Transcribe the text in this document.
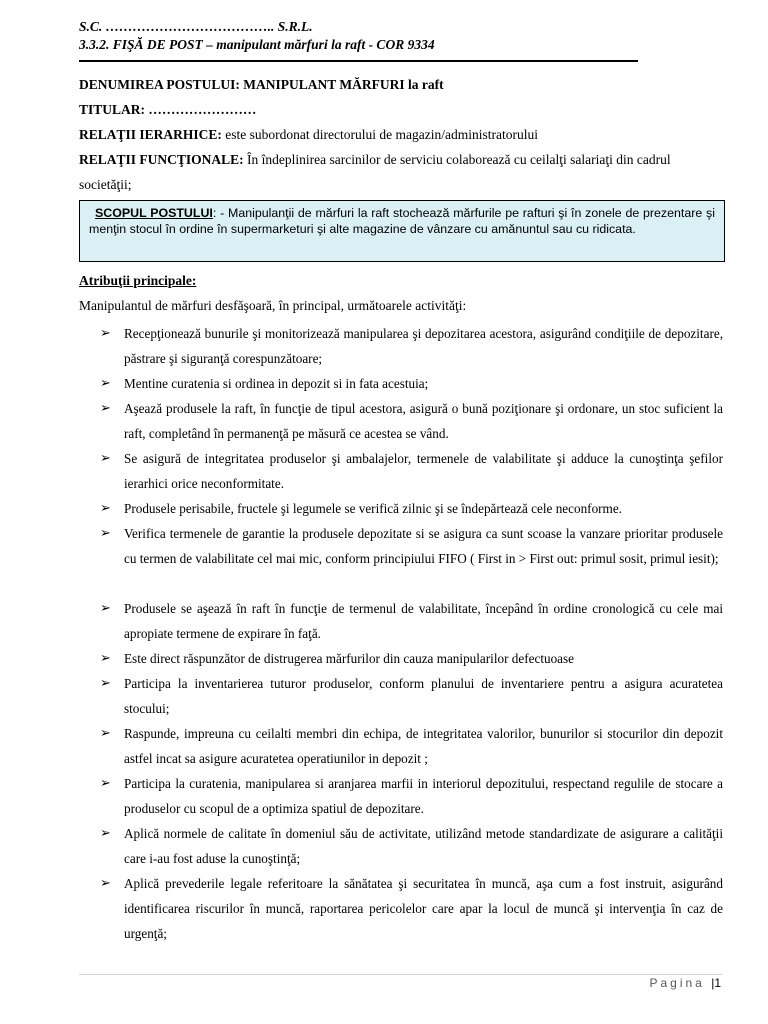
S.C. ……………………………….. S.R.L.
3.3.2. FIŞĂ DE POST – manipulant mărfuri la raft - COR 9334
DENUMIREA POSTULUI: MANIPULANT MĂRFURI la raft
TITULAR: ……………………
RELAŢII IERARHICE: este subordonat directorului de magazin/administratorului
RELAŢII FUNCŢIONALE: În îndeplinirea sarcinilor de serviciu colaborează cu ceilalţi salariaţi din cadrul
societăţii;
SCOPUL POSTULUI: - Manipulanţii de mărfuri la raft stochează mărfurile pe rafturi şi în zonele de prezentare şi menţin stocul în ordine în supermarketuri şi alte magazine de vânzare cu amănuntul sau cu ridicata.
Atribuţii principale:
Manipulantul de mărfuri desfăşoară, în principal, următoarele activităţi:
➢ Recepţionează bunurile şi monitorizează manipularea şi depozitarea acestora, asigurând condiţiile de depozitare, păstrare şi siguranţă corespunzătoare;
➢ Mentine curatenia si ordinea in depozit si in fata acestuia;
➢ Aşează produsele la raft, în funcţie de tipul acestora, asigură o bună poziţionare şi ordonare, un stoc suficient la raft, completând în permanenţă pe măsură ce acestea se vând.
➢ Se asigură de integritatea produselor şi ambalajelor, termenele de valabilitate şi adduce la cunoştinţa şefilor ierarhici orice neconformitate.
➢ Produsele perisabile, fructele şi legumele se verifică zilnic şi se îndepărtează cele neconforme.
➢ Verifica termenele de garantie la produsele depozitate si se asigura ca sunt scoase la vanzare prioritar produsele cu termen de valabilitate cel mai mic, conform principiului FIFO ( First in > First out: primul sosit, primul iesit);
➢ Produsele se aşează în raft în funcţie de termenul de valabilitate, începând în ordine cronologică cu cele mai apropiate termene de expirare în faţă.
➢ Este direct răspunzător de distrugerea mărfurilor din cauza manipularilor defectuoase
➢ Participa la inventarierea tuturor produselor, conform planului de inventariere pentru a asigura acuratetea stocului;
➢ Raspunde, impreuna cu ceilalti membri din echipa, de integritatea valorilor, bunurilor si stocurilor din depozit astfel incat sa asigure acuratetea operatiunilor in depozit ;
➢ Participa la curatenia, manipularea si aranjarea marfii in interiorul depozitului, respectand regulile de stocare a produselor cu scopul de a optimiza spatiul de depozitare.
➢ Aplică normele de calitate în domeniul său de activitate, utilizând metode standardizate de asigurare a calităţii care i-au fost aduse la cunoştinţă;
➢ Aplică prevederile legale referitoare la sănătatea şi securitatea în muncă, aşa cum a fost instruit, asigurând identificarea riscurilor în muncă, raportarea pericolelor care apar la locul de muncă şi intervenţia în caz de urgenţă;
Pagina |1
